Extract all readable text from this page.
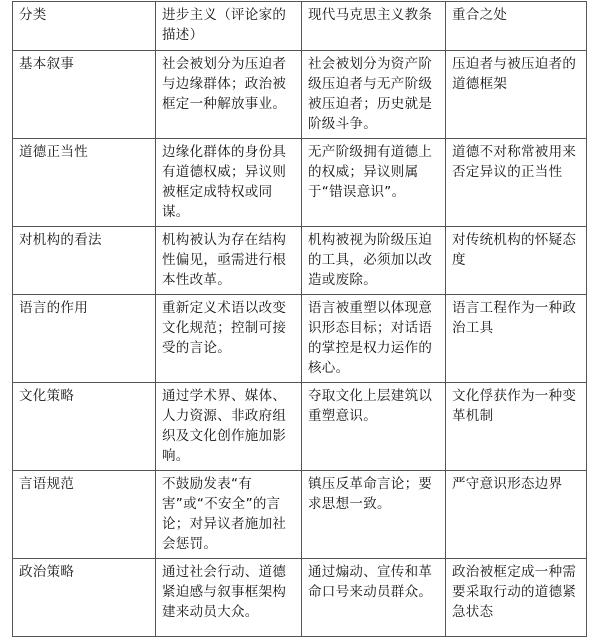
分类	进步主义（评论家的描述）	现代马克思主义教条	重合之处
基本叙事	社会被划分为压迫者与边缘群体；政治被框定一种解放事业。	社会被划分为资产阶级压迫者与无产阶级被压迫者；历史就是阶级斗争。	压迫者与被压迫者的道德框架
道德正当性	边缘化群体的身份具有道德权威；异议则被框定成特权或同谋。	无产阶级拥有道德上的权威；异议则属于“错误意识”。	道德不对称常被用来否定异议的正当性
对机构的看法	机构被认为存在结构性偏见，亟需进行根本性改革。	机构被视为阶级压迫的工具，必须加以改造或废除。	对传统机构的怀疑态度
语言的作用	重新定义术语以改变文化规范；控制可接受的言论。	语言被重塑以体现意识形态目标；对话语的掌控是权力运作的核心。	语言工程作为一种政治工具
文化策略	通过学术界、媒体、人力资源、非政府组织及文化创作施加影响。	夺取文化上层建筑以重塑意识。	文化俘获作为一种变革机制
言语规范	不鼓励发表“有害”或“不安全”的言论；对异议者施加社会惩罚。	镇压反革命言论；要求思想一致。	严守意识形态边界
政治策略	通过社会行动、道德紧迫感与叙事框架构建来动员大众。	通过煽动、宣传和革命口号来动员群众。	政治被框定成一种需要采取行动的道德紧急状态
